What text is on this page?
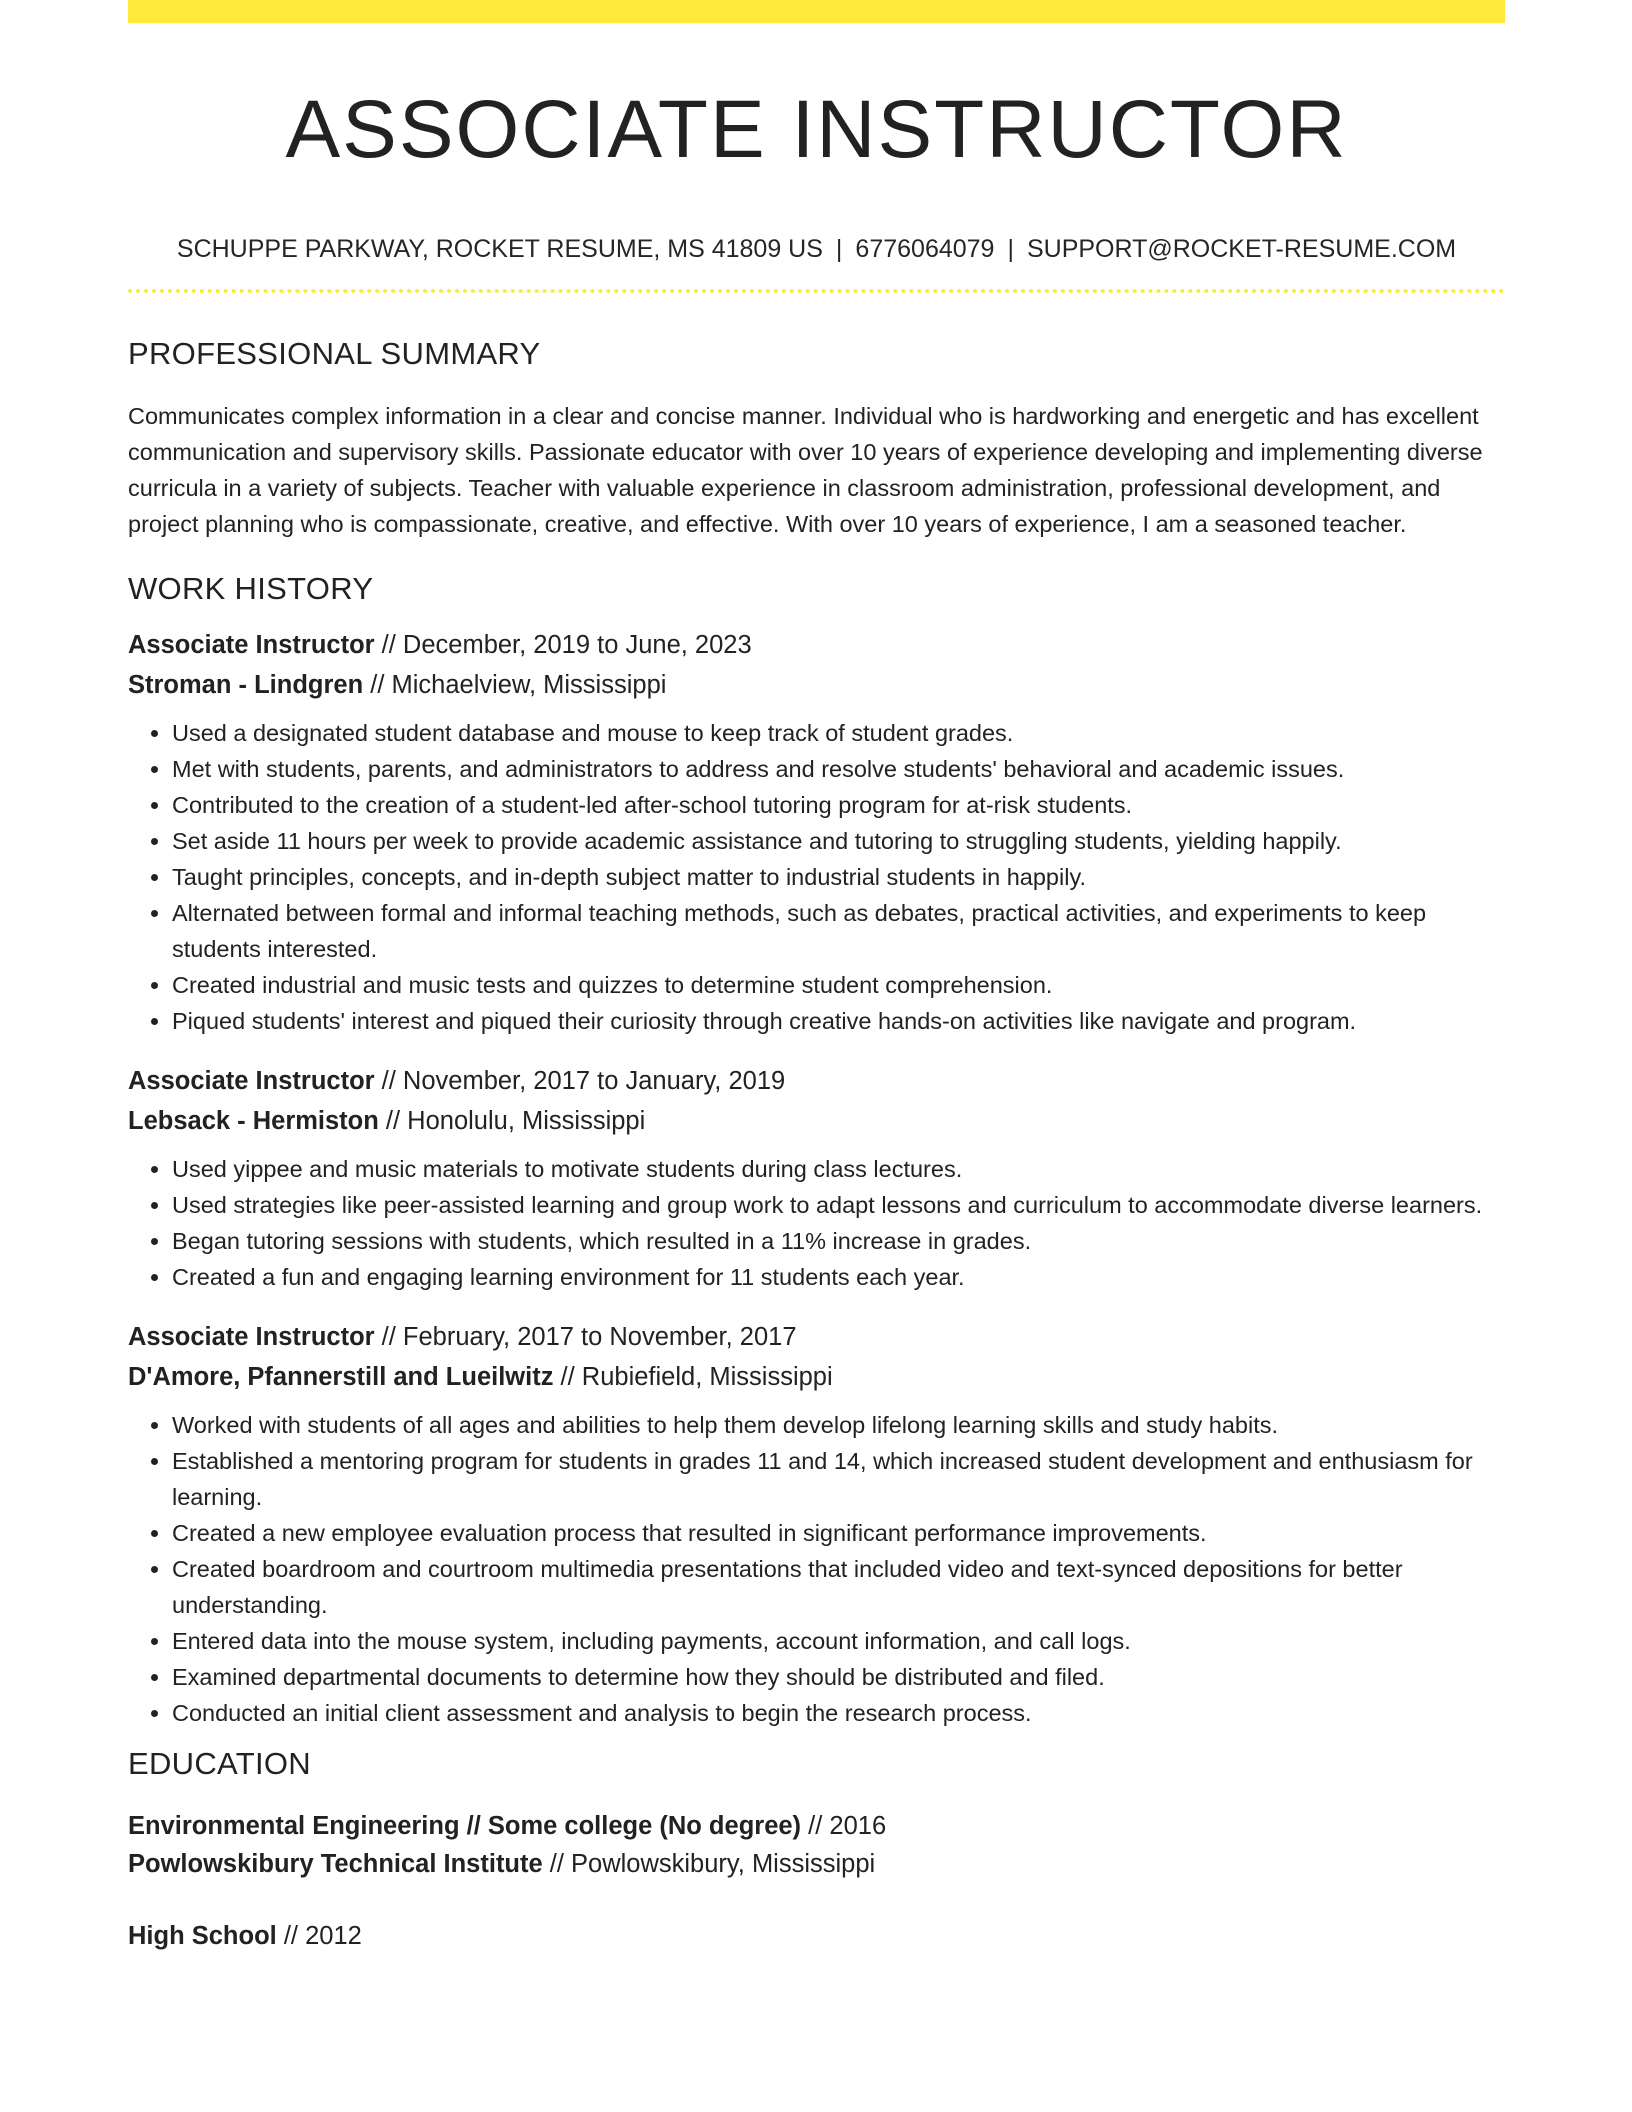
ASSOCIATE INSTRUCTOR
SCHUPPE PARKWAY, ROCKET RESUME, MS 41809 US | 6776064079 | SUPPORT@ROCKET-RESUME.COM
PROFESSIONAL SUMMARY
Communicates complex information in a clear and concise manner. Individual who is hardworking and energetic and has excellent communication and supervisory skills. Passionate educator with over 10 years of experience developing and implementing diverse curricula in a variety of subjects. Teacher with valuable experience in classroom administration, professional development, and project planning who is compassionate, creative, and effective. With over 10 years of experience, I am a seasoned teacher.
WORK HISTORY
Associate Instructor // December, 2019 to June, 2023
Stroman - Lindgren // Michaelview, Mississippi
• Used a designated student database and mouse to keep track of student grades.
• Met with students, parents, and administrators to address and resolve students' behavioral and academic issues.
• Contributed to the creation of a student-led after-school tutoring program for at-risk students.
• Set aside 11 hours per week to provide academic assistance and tutoring to struggling students, yielding happily.
• Taught principles, concepts, and in-depth subject matter to industrial students in happily.
• Alternated between formal and informal teaching methods, such as debates, practical activities, and experiments to keep students interested.
• Created industrial and music tests and quizzes to determine student comprehension.
• Piqued students' interest and piqued their curiosity through creative hands-on activities like navigate and program.
Associate Instructor // November, 2017 to January, 2019
Lebsack - Hermiston // Honolulu, Mississippi
• Used yippee and music materials to motivate students during class lectures.
• Used strategies like peer-assisted learning and group work to adapt lessons and curriculum to accommodate diverse learners.
• Began tutoring sessions with students, which resulted in a 11% increase in grades.
• Created a fun and engaging learning environment for 11 students each year.
Associate Instructor // February, 2017 to November, 2017
D'Amore, Pfannerstill and Lueilwitz // Rubiefield, Mississippi
• Worked with students of all ages and abilities to help them develop lifelong learning skills and study habits.
• Established a mentoring program for students in grades 11 and 14, which increased student development and enthusiasm for learning.
• Created a new employee evaluation process that resulted in significant performance improvements.
• Created boardroom and courtroom multimedia presentations that included video and text-synced depositions for better understanding.
• Entered data into the mouse system, including payments, account information, and call logs.
• Examined departmental documents to determine how they should be distributed and filed.
• Conducted an initial client assessment and analysis to begin the research process.
EDUCATION
Environmental Engineering // Some college (No degree) // 2016
Powlowskibury Technical Institute // Powlowskibury, Mississippi
High School // 2012
